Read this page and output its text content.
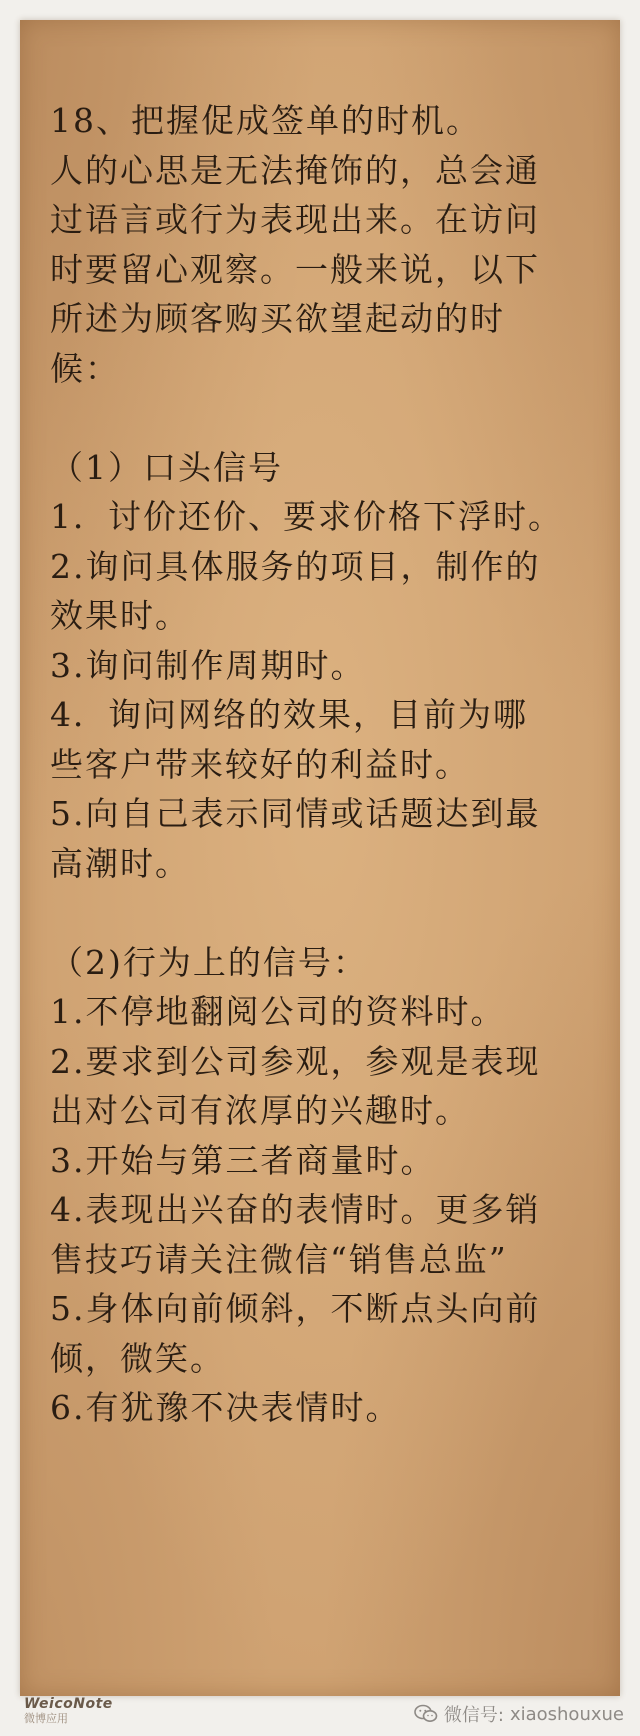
18、把握促成签单的时机。
人的心思是无法掩饰的，总会通
过语言或行为表现出来。在访问
时要留心观察。一般来说，以下
所述为顾客购买欲望起动的时
候：
（1）口头信号
1．讨价还价、要求价格下浮时。
2.询问具体服务的项目，制作的
效果时。
3.询问制作周期时。
4．询问网络的效果，目前为哪
些客户带来较好的利益时。
5.向自己表示同情或话题达到最
高潮时。
（2)行为上的信号：
1.不停地翻阅公司的资料时。
2.要求到公司参观，参观是表现
出对公司有浓厚的兴趣时。
3.开始与第三者商量时。
4.表现出兴奋的表情时。更多销
售技巧请关注微信“销售总监”
5.身体向前倾斜，不断点头向前
倾，微笑。
6.有犹豫不决表情时。
WeicoNote
微博应用	微信号: xiaoshouxue
